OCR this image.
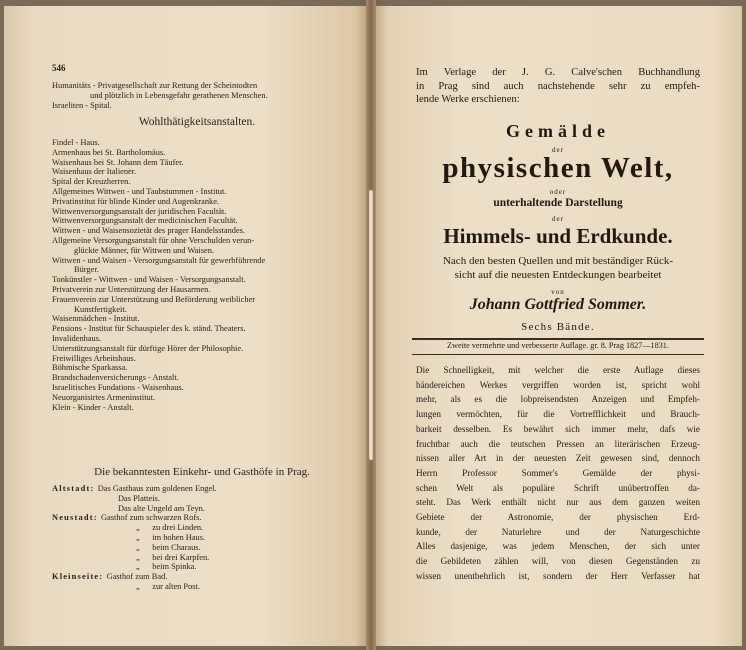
546
Humanitäts - Privatgesellschaft zur Rettung der Scheintodten
und plötzlich in Lebensgefahr gerathenen Menschen.
Israeliten - Spital.
Wohlthätigkeitsanstalten.
Findel - Haus.
Armenhaus bei St. Bartholomäus.
Waisenhaus bei St. Johann dem Täufer.
Waisenhaus der Italiener.
Spital der Kreuzherren.
Allgemeines Wittwen - und Taubstummen - Institut.
Privatinstitut für blinde Kinder und Augenkranke.
Wittwenversorgungsanstalt der juridischen Facultät.
Wittwenversorgungsanstalt der medicinischen Facultät.
Wittwen - und Waisensozietät des prager Handelsstandes.
Allgemeine Versorgungsanstalt für ohne Verschulden verun-
glückte Männer, für Wittwen und Waisen.
Wittwen - und Waisen - Versorgungsanstalt für gewerbführende
Bürger.
Tonkünstler - Wittwen - und Waisen - Versorgungsanstalt.
Privatverein zur Unterstützung der Hausarmen.
Frauenverein zur Unterstützung und Beförderung weiblicher
Kunstfertigkeit.
Waisenmädchen - Institut.
Pensions - Institut für Schauspieler des k. ständ. Theaters.
Invalidenhaus.
Unterstützungsanstalt für dürftige Hörer der Philosophie.
Freiwilliges Arbeitshaus.
Böhmische Sparkassa.
Brandschadenversicherungs - Anstalt.
Israelitisches Fundations - Waisenhaus.
Neuorganisirtes Armeninstitut.
Klein - Kinder - Anstalt.
Die bekanntesten Einkehr- und Gasthöfe in Prag.
Altstadt: Das Gasthaus zum goldenen Engel.
Das Platteis.
Das alte Ungeld am Teyn.
Neustadt: Gasthof zum schwarzen Rofs.
„      zu drei Linden.
„      im hohen Haus.
„      beim Charaus.
„      bei drei Karpfen.
„      beim Spinka.
Kleinseite: Gasthof zum Bad.
„      zur alten Post.
Im Verlage der J. G. Calve'schen Buchhandlung
in Prag sind auch nachstehende sehr zu empfeh-
lende Werke erschienen:
Gemälde
der
physischen Welt,
oder
unterhaltende Darstellung
der
Himmels- und Erdkunde.
Nach den besten Quellen und mit beständiger Rück-
sicht auf die neuesten Entdeckungen bearbeitet
von
Johann Gottfried Sommer.
Sechs Bände.
Zweite vermehrte und verbesserte Auflage. gr. 8. Prag 1827—1831.
Die Schnelligkeit, mit welcher die erste Auflage dieses
bändereichen Werkes vergriffen worden ist, spricht wohl
mehr, als es die lobpreisendsten Anzeigen und Empfeh-
lungen vermöchten, für die Vortrefflichkeit und Brauch-
barkeit desselben. Es bewährt sich immer mehr, dafs wie
fruchtbar auch die teutschen Pressen an literärischen Erzeug-
nissen aller Art in der neuesten Zeit gewesen sind, dennoch
Herrn Professor Sommer's Gemälde der physi-
schen Welt als populäre Schrift unübertroffen da-
steht. Das Werk enthält nicht nur aus dem ganzen weiten
Gebiete der Astronomie, der physischen Erd-
kunde, der Naturlehre und der Naturgeschichte
Alles dasjenige, was jedem Menschen, der sich unter
die Gebildeten zählen will, von diesen Gegenständen zu
wissen unentbehrlich ist, sondern der Herr Verfasser hat
